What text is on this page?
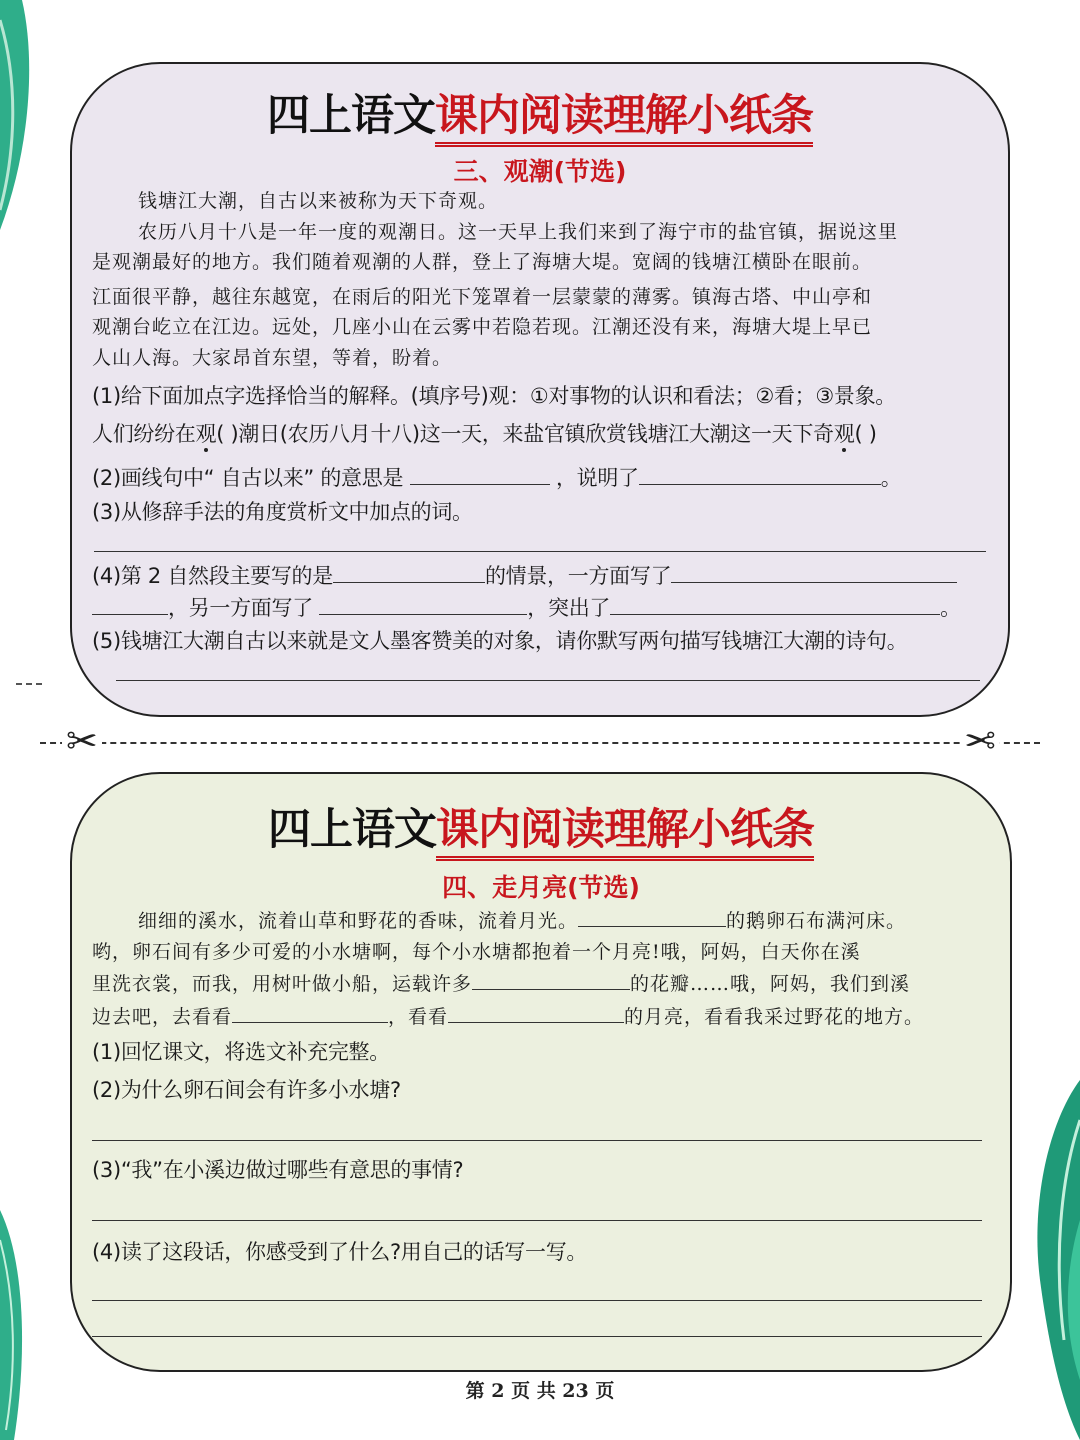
四上语文课内阅读理解小纸条
三、观潮(节选)

钱塘江大潮，自古以来被称为天下奇观。

农历八月十八是一年一度的观潮日。这一天早上我们来到了海宁市的盐官镇，据说这里

是观潮最好的地方。我们随着观潮的人群，登上了海塘大堤。宽阔的钱塘江横卧在眼前。

江面很平静，越往东越宽，在雨后的阳光下笼罩着一层蒙蒙的薄雾。镇海古塔、中山亭和

观潮台屹立在江边。远处，几座小山在云雾中若隐若现。江潮还没有来，海塘大堤上早已

人山人海。大家昂首东望，等着，盼着。

(1)给下面加点字选择恰当的解释。(填序号)观：①对事物的认识和看法；②看；③景象。
人们纷纷在观( )潮日(农历八月十八)这一天，来盐官镇欣赏钱塘江大潮这一天下奇观( )
(2)画线句中“ 自古以来” 的意思是	，说明了	。
(3)从修辞手法的角度赏析文中加点的词。
(4)第 2 自然段主要写的是	的情景，一方面写了
，另一方面写了	，突出了	。
(5)钱塘江大潮自古以来就是文人墨客赞美的对象，请你默写两句描写钱塘江大潮的诗句。
✂	✂
四上语文课内阅读理解小纸条
四、走月亮(节选)

细细的溪水，流着山草和野花的香味，流着月光。	的鹅卵石布满河床。

哟，卵石间有多少可爱的小水塘啊，每个小水塘都抱着一个月亮!哦，阿妈，白天你在溪

里洗衣裳，而我，用树叶做小船，运载许多	的花瓣……哦，阿妈，我们到溪

边去吧，去看看	，看看	的月亮，看看我采过野花的地方。

(1)回忆课文，将选文补充完整。
(2)为什么卵石间会有许多小水塘?
(3)“我”在小溪边做过哪些有意思的事情?
(4)读了这段话，你感受到了什么?用自己的话写一写。
第 2 页 共 23 页
